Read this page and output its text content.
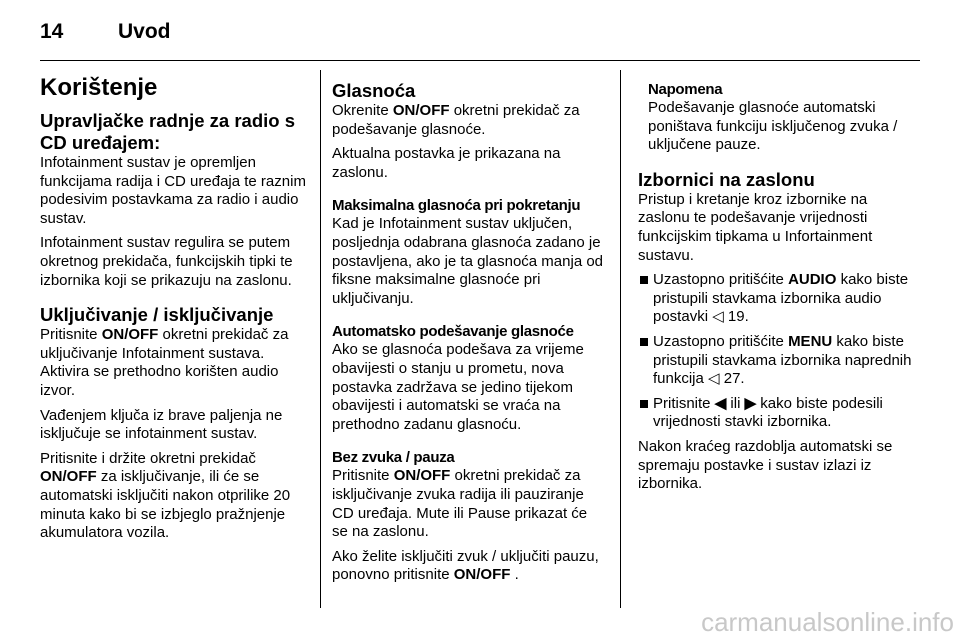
14	Uvod
Korištenje
Upravljačke radnje za radio s CD uređajem:

Infotainment sustav je opremljen funkcijama radija i CD uređaja te raznim podesivim postavkama za radio i audio sustav.

Infotainment sustav regulira se putem okretnog prekidača, funkcijskih tipki te izbornika koji se prikazuju na zaslonu.

Uključivanje / isključivanje

Pritisnite ON/OFF okretni prekidač za uključivanje Infotainment sustava. Aktivira se prethodno korišten audio izvor.

Vađenjem ključa iz brave paljenja ne isključuje se infotainment sustav.

Pritisnite i držite okretni prekidač ON/OFF za isključivanje, ili će se automatski isključiti nakon otprilike 20 minuta kako bi se izbjeglo pražnjenje akumulatora vozila.

Glasnoća

Okrenite ON/OFF okretni prekidač za podešavanje glasnoće.

Aktualna postavka je prikazana na zaslonu.

Maksimalna glasnoća pri pokretanju

Kad je Infotainment sustav uključen, posljednja odabrana glasnoća zadano je postavljena, ako je ta glasnoća manja od fiksne maksimalne glasnoće pri uključivanju.

Automatsko podešavanje glasnoće

Ako se glasnoća podešava za vrijeme obavijesti o stanju u prometu, nova postavka zadržava se jedino tijekom obavijesti i automatski se vraća na prethodno zadanu glasnoću.

Bez zvuka / pauza

Pritisnite ON/OFF okretni prekidač za isključivanje zvuka radija ili pauziranje CD uređaja. Mute ili Pause prikazat će se na zaslonu.

Ako želite isključiti zvuk / uključiti pauzu, ponovno pritisnite ON/OFF .

Napomena

Podešavanje glasnoće automatski poništava funkciju isključenog zvuka / uključene pauze.

Izbornici na zaslonu

Pristup i kretanje kroz izbornike na zaslonu te podešavanje vrijednosti funkcijskim tipkama u Infortainment sustavu.

Uzastopno pritišćite AUDIO kako biste pristupili stavkama izbornika audio postavki ◁ 19.
Uzastopno pritišćite MENU kako biste pristupili stavkama izbornika naprednih funkcija ◁ 27.
Pritisnite ◀ ili ▶ kako biste podesili vrijednosti stavki izbornika.

Nakon kraćeg razdoblja automatski se spremaju postavke i sustav izlazi iz izbornika.

carmanualsonline.info
